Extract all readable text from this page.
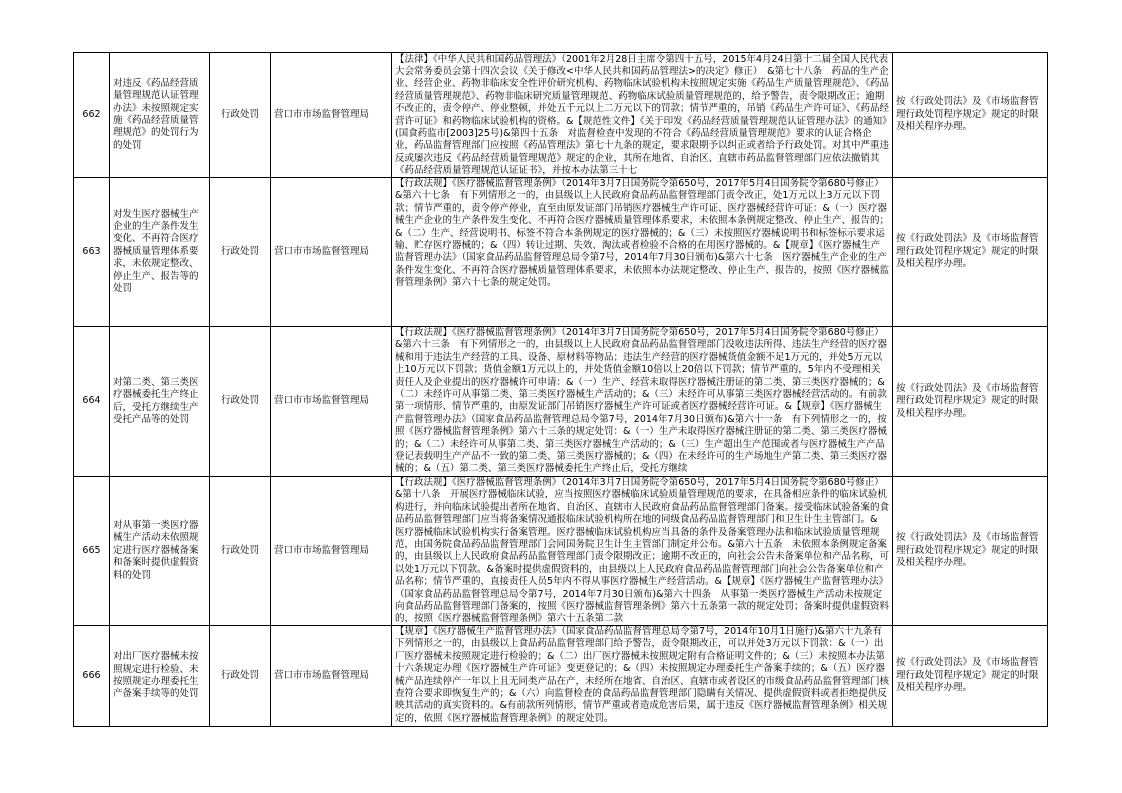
662	对违反《药品经营质量管理规范认证管理办法》未按照规定实施《药品经营质量管理规范》的处罚行为的处罚	行政处罚	营口市市场监督管理局	【法律】《中华人民共和国药品管理法》（2001年2月28日主席令第四十五号，2015年4月24日第十二届全国人民代表大会常务委员会第十四次会议《关于修改<中华人民共和国药品管理法>的决定》修正）　&第七十八条　药品的生产企业、经营企业、药物非临床安全性评价研究机构、药物临床试验机构未按照规定实施《药品生产质量管理规范》、《药品经营质量管理规范》、药物非临床研究质量管理规范、药物临床试验质量管理规范的，给予警告，责令限期改正；逾期不改正的，责令停产、停业整顿，并处五千元以上二万元以下的罚款；情节严重的，吊销《药品生产许可证》、《药品经营许可证》和药物临床试验机构的资格。&【规范性文件】《关于印发《药品经营质量管理规范认证管理办法》的通知》(国食药监市[2003]25号)&第四十五条　对监督检查中发现的不符合《药品经营质量管理规范》要求的认证合格企业，药品监督管理部门应按照《药品管理法》第七十九条的规定，要求限期予以纠正或者给予行政处罚。对其中严重违反或屡次违反《药品经营质量管理规范》规定的企业，其所在地省、自治区、直辖市药品监督管理部门应依法撤销其《药品经营质量管理规范认证证书》，并按本办法第三十七	按《行政处罚法》及《市场监督管理行政处罚程序规定》规定的时限及相关程序办理。
663	对发生医疗器械生产企业的生产条件发生变化、不再符合医疗器械质量管理体系要求，未依规定整改、停止生产、报告等的处罚	行政处罚	营口市市场监督管理局	【行政法规】《医疗器械监督管理条例》（2014年3月7日国务院令第650号，2017年5月4日国务院令第680号修正）&第六十七条　有下列情形之一的，由县级以上人民政府食品药品监督管理部门责令改正，处1万元以上3万元以下罚款；情节严重的，责令停产停业，直至由原发证部门吊销医疗器械生产许可证、医疗器械经营许可证：&（一）医疗器械生产企业的生产条件发生变化、不再符合医疗器械质量管理体系要求，未依照本条例规定整改、停止生产、报告的；&（二）生产、经营说明书、标签不符合本条例规定的医疗器械的；&（三）未按照医疗器械说明书和标签标示要求运输、贮存医疗器械的；&（四）转让过期、失效、淘汰或者检验不合格的在用医疗器械的。&【规章】《医疗器械生产监督管理办法》（国家食品药品监督管理总局令第7号，2014年7月30日颁布)&第六十七条　医疗器械生产企业的生产条件发生变化、不再符合医疗器械质量管理体系要求，未依照本办法规定整改、停止生产、报告的，按照《医疗器械监督管理条例》第六十七条的规定处罚。	按《行政处罚法》及《市场监督管理行政处罚程序规定》规定的时限及相关程序办理。
664	对第二类、第三类医疗器械委托生产终止后，受托方继续生产受托产品等的处罚	行政处罚	营口市市场监督管理局	【行政法规】《医疗器械监督管理条例》（2014年3月7日国务院令第650号，2017年5月4日国务院令第680号修正）&第六十三条　有下列情形之一的，由县级以上人民政府食品药品监督管理部门没收违法所得、违法生产经营的医疗器械和用于违法生产经营的工具、设备、原材料等物品；违法生产经营的医疗器械货值金额不足1万元的，并处5万元以上10万元以下罚款；货值金额1万元以上的，并处货值金额10倍以上20倍以下罚款；情节严重的，5年内不受理相关责任人及企业提出的医疗器械许可申请：&（一）生产、经营未取得医疗器械注册证的第二类、第三类医疗器械的；&（二）未经许可从事第二类、第三类医疗器械生产活动的；&（三）未经许可从事第三类医疗器械经营活动的。有前款第一项情形、情节严重的，由原发证部门吊销医疗器械生产许可证或者医疗器械经营许可证。&【规章】《医疗器械生产监督管理办法》（国家食品药品监督管理总局令第7号，2014年7月30日颁布)&第六十一条　有下列情形之一的，按照《医疗器械监督管理条例》第六十三条的规定处罚：&（一）生产未取得医疗器械注册证的第二类、第三类医疗器械的；&（二）未经许可从事第二类、第三类医疗器械生产活动的；&（三）生产超出生产范围或者与医疗器械生产产品登记表载明生产产品不一致的第二类、第三类医疗器械的；&（四）在未经许可的生产场地生产第二类、第三类医疗器械的；&（五）第二类、第三类医疗器械委托生产终止后，受托方继续	按《行政处罚法》及《市场监督管理行政处罚程序规定》规定的时限及相关程序办理。
665	对从事第一类医疗器械生产活动未依照规定进行医疗器械备案和备案时提供虚假资料的处罚	行政处罚	营口市市场监督管理局	【行政法规】《医疗器械监督管理条例》（2014年3月7日国务院令第650号，2017年5月4日国务院令第680号修正）&第十八条　开展医疗器械临床试验，应当按照医疗器械临床试验质量管理规范的要求，在具备相应条件的临床试验机构进行，并向临床试验提出者所在地省、自治区、直辖市人民政府食品药品监督管理部门备案。接受临床试验备案的食品药品监督管理部门应当将备案情况通报临床试验机构所在地的同级食品药品监督管理部门和卫生计生主管部门。&　　医疗器械临床试验机构实行备案管理。医疗器械临床试验机构应当具备的条件及备案管理办法和临床试验质量管理规范，由国务院食品药品监督管理部门会同国务院卫生计生主管部门制定并公布。&第六十五条　未依照本条例规定备案的，由县级以上人民政府食品药品监督管理部门责令限期改正；逾期不改正的，向社会公告未备案单位和产品名称，可以处1万元以下罚款。&备案时提供虚假资料的，由县级以上人民政府食品药品监督管理部门向社会公告备案单位和产品名称；情节严重的，直接责任人员5年内不得从事医疗器械生产经营活动。&【规章】《医疗器械生产监督管理办法》（国家食品药品监督管理总局令第7号，2014年7月30日颁布)&第六十四条　从事第一类医疗器械生产活动未按规定向食品药品监督管理部门备案的，按照《医疗器械监督管理条例》第六十五条第一款的规定处罚；备案时提供虚假资料的，按照《医疗器械监督管理条例》第六十五条第二款	按《行政处罚法》及《市场监督管理行政处罚程序规定》规定的时限及相关程序办理。
666	对出厂医疗器械未按照规定进行检验、未按照规定办理委托生产备案手续等的处罚	行政处罚	营口市市场监督管理局	【规章】《医疗器械生产监督管理办法》（国家食品药品监督管理总局令第7号，2014年10月1日施行)&第六十九条有下列情形之一的，由县级以上食品药品监督管理部门给予警告，责令限期改正，可以并处3万元以下罚款：&（一）出厂医疗器械未按照规定进行检验的；&（二）出厂医疗器械未按照规定附有合格证明文件的；&（三）未按照本办法第十六条规定办理《医疗器械生产许可证》变更登记的；&（四）未按照规定办理委托生产备案手续的；&（五）医疗器械产品连续停产一年以上且无同类产品在产，未经所在地省、自治区、直辖市或者设区的市级食品药品监督管理部门核查符合要求即恢复生产的；&（六）向监督检查的食品药品监督管理部门隐瞒有关情况、提供虚假资料或者拒绝提供反映其活动的真实资料的。&有前款所列情形，情节严重或者造成危害后果，属于违反《医疗器械监督管理条例》相关规定的，依照《医疗器械监督管理条例》的规定处罚。	按《行政处罚法》及《市场监督管理行政处罚程序规定》规定的时限及相关程序办理。
